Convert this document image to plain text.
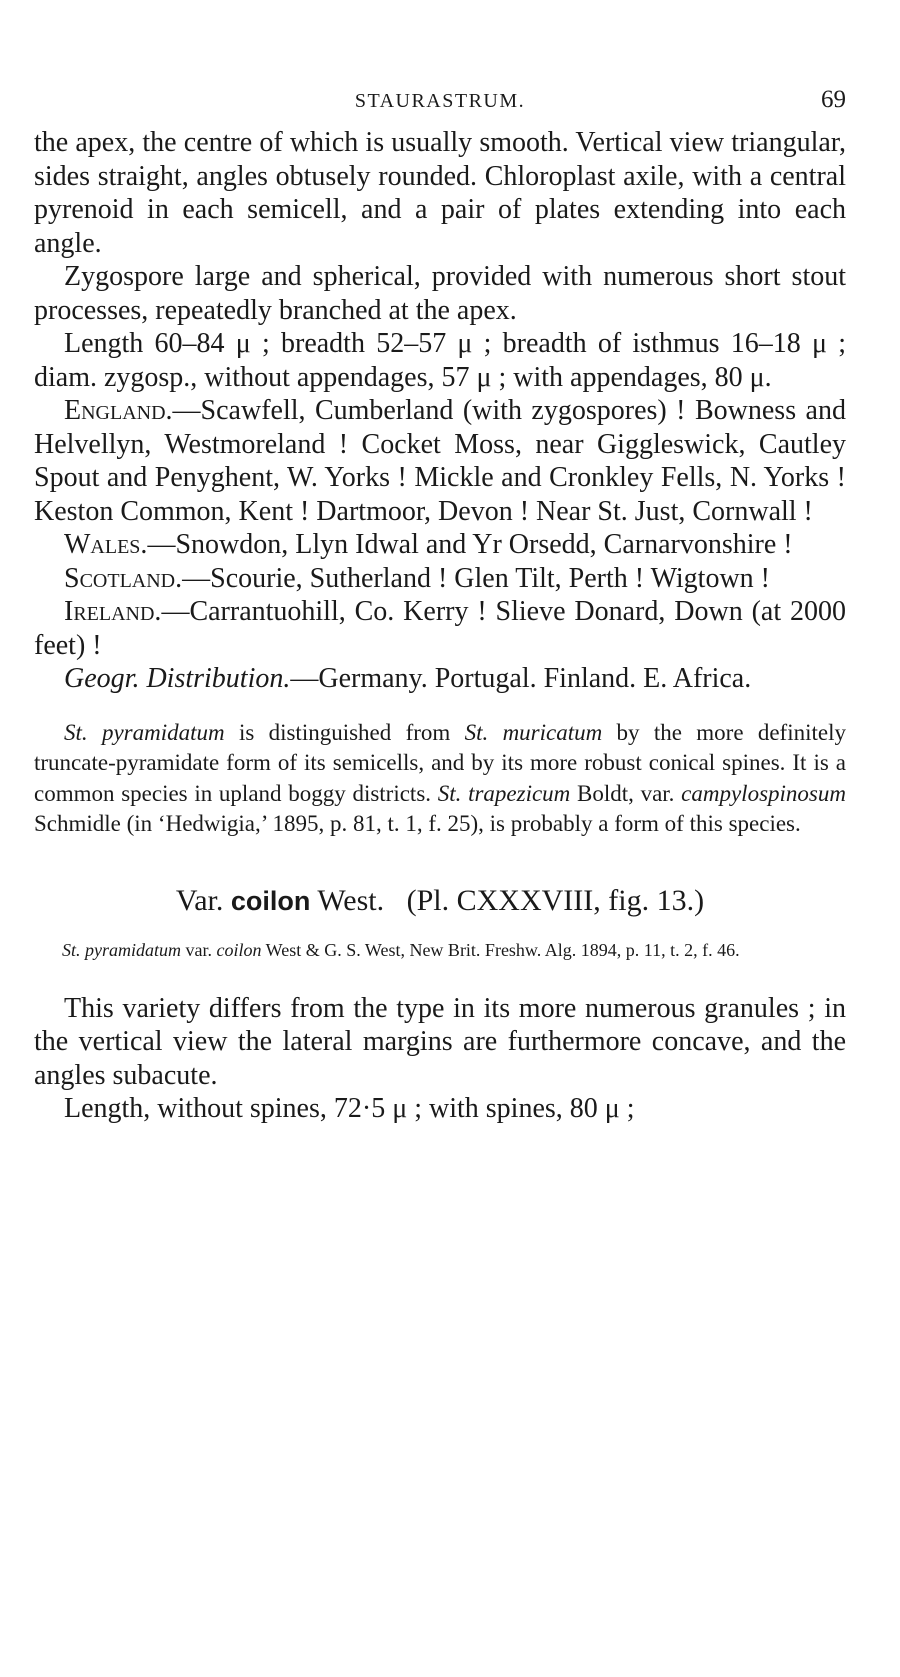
STAURASTRUM.	69

the apex, the centre of which is usually smooth. Vertical view triangular, sides straight, angles obtusely rounded. Chloroplast axile, with a central pyrenoid in each semicell, and a pair of plates extending into each angle.

Zygospore large and spherical, provided with numerous short stout processes, repeatedly branched at the apex.

Length 60–84 μ ; breadth 52–57 μ ; breadth of isthmus 16–18 μ ; diam. zygosp., without appendages, 57 μ ; with appendages, 80 μ.

England.—Scawfell, Cumberland (with zygospores) ! Bowness and Helvellyn, Westmoreland ! Cocket Moss, near Giggleswick, Cautley Spout and Penyghent, W. Yorks ! Mickle and Cronkley Fells, N. Yorks ! Keston Common, Kent ! Dartmoor, Devon ! Near St. Just, Cornwall !

Wales.—Snowdon, Llyn Idwal and Yr Orsedd, Carnarvonshire !

Scotland.—Scourie, Sutherland ! Glen Tilt, Perth ! Wigtown !

Ireland.—Carrantuohill, Co. Kerry ! Slieve Donard, Down (at 2000 feet) !

Geogr. Distribution.—Germany. Portugal. Finland. E. Africa.

St. pyramidatum is distinguished from St. muricatum by the more definitely truncate-pyramidate form of its semicells, and by its more robust conical spines. It is a common species in upland boggy districts. St. trapezicum Boldt, var. campylospinosum Schmidle (in ‘Hedwigia,’ 1895, p. 81, t. 1, f. 25), is probably a form of this species.
Var. coilon West. (Pl. CXXXVIII, fig. 13.)
St. pyramidatum var. coilon West & G. S. West, New Brit. Freshw. Alg. 1894, p. 11, t. 2, f. 46.

This variety differs from the type in its more numerous granules ; in the vertical view the lateral margins are furthermore concave, and the angles subacute.

Length, without spines, 72·5 μ ; with spines, 80 μ ;
